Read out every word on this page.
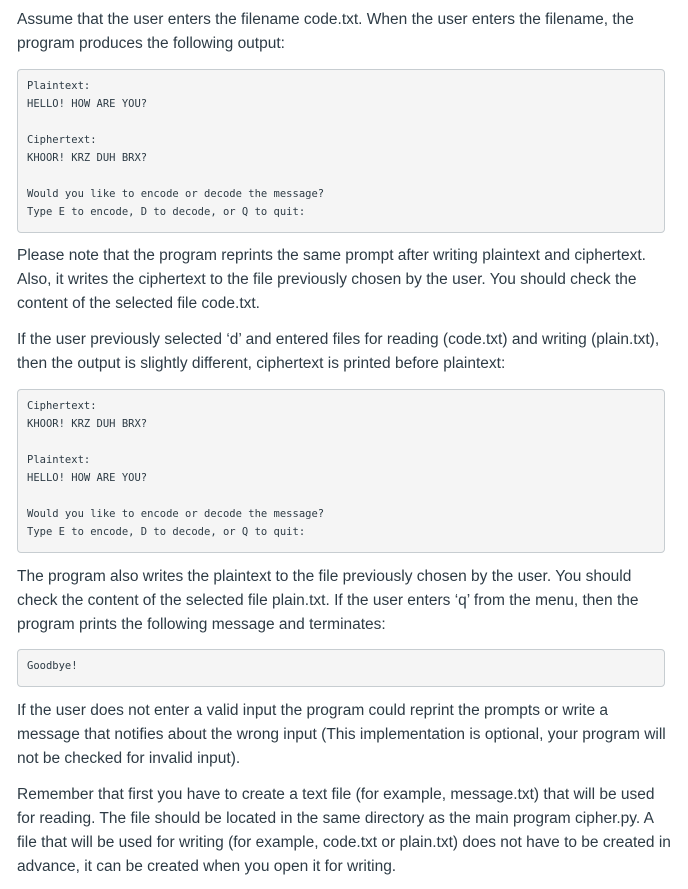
Assume that the user enters the filename code.txt. When the user enters the filename, the program produces the following output:

Plaintext:
HELLO! HOW ARE YOU?
Ciphertext:
KHOOR! KRZ DUH BRX?
Would you like to encode or decode the message?
Type E to encode, D to decode, or Q to quit:

Please note that the program reprints the same prompt after writing plaintext and ciphertext. Also, it writes the ciphertext to the file previously chosen by the user. You should check the content of the selected file code.txt.

If the user previously selected ‘d’ and entered files for reading (code.txt) and writing (plain.txt), then the output is slightly different, ciphertext is printed before plaintext:

Ciphertext:
KHOOR! KRZ DUH BRX?
Plaintext:
HELLO! HOW ARE YOU?
Would you like to encode or decode the message?
Type E to encode, D to decode, or Q to quit:

The program also writes the plaintext to the file previously chosen by the user. You should check the content of the selected file plain.txt. If the user enters ‘q’ from the menu, then the program prints the following message and terminates:

Goodbye!

If the user does not enter a valid input the program could reprint the prompts or write a message that notifies about the wrong input (This implementation is optional, your program will not be checked for invalid input).

Remember that first you have to create a text file (for example, message.txt) that will be used for reading. The file should be located in the same directory as the main program cipher.py. A file that will be used for writing (for example, code.txt or plain.txt) does not have to be created in advance, it can be created when you open it for writing.
